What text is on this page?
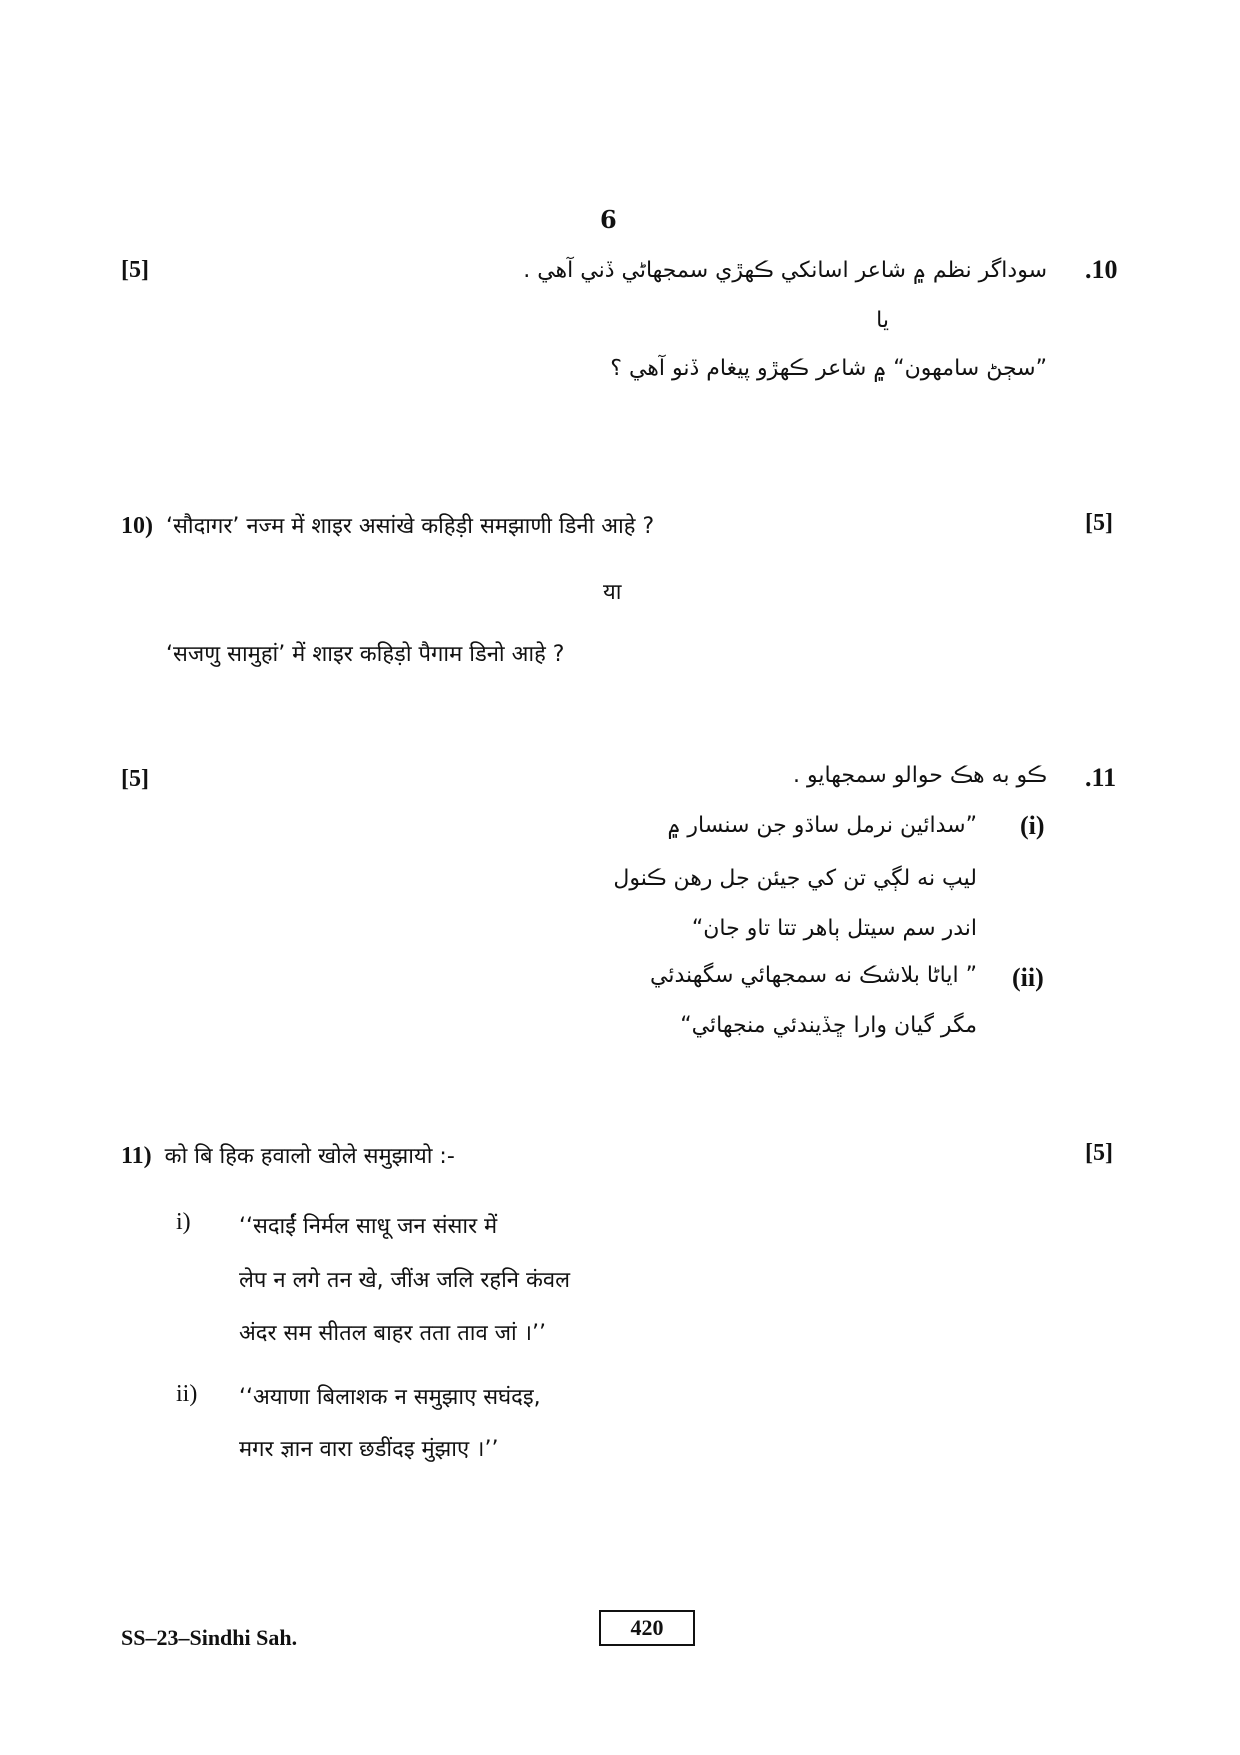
6
[5]	.10
سوداگر نظم ۾ شاعر اسانکي ڪهڙي سمجهاڻي ڏني آهي .
يا
”سڄڻ سامهون“ ۾ شاعر ڪهڙو پيغام ڏنو آهي ؟
10) ‘सौदागर’ नज्म में शाइर असांखे कहिड़ी समझाणी डिनी आहे ?	[5]
या
‘सजणु सामुहां’ में शाइर कहिड़ो पैगाम डिनो आहे ?
[5]	.11
ڪو به هڪ حوالو سمجهايو .
(i)
”سدائين نرمل ساڌو جن سنسار ۾
ليپ نه لڳي تن کي جيئن جل رهن ڪنول
اندر سم سيتل ٻاهر تتا تاو جان“
(ii)
” اياڻا بلاشڪ نه سمجهائي سگهندئي
مگر گيان وارا ڇڏيندئي منجهائي“
11) को बि हिक हवालो खोले समुझायो :-	[5]
i) ‘‘सदाईं निर्मल साधू जन संसार में
लेप न लगे तन खे, जींअ जलि रहनि कंवल
अंदर सम सीतल बाहर तता ताव जां ।’’
ii) ‘‘अयाणा बिलाशक न समुझाए सघंदइ,
मगर ज्ञान वारा छडींदइ मुंझाए ।’’
SS–23–Sindhi Sah.	420
